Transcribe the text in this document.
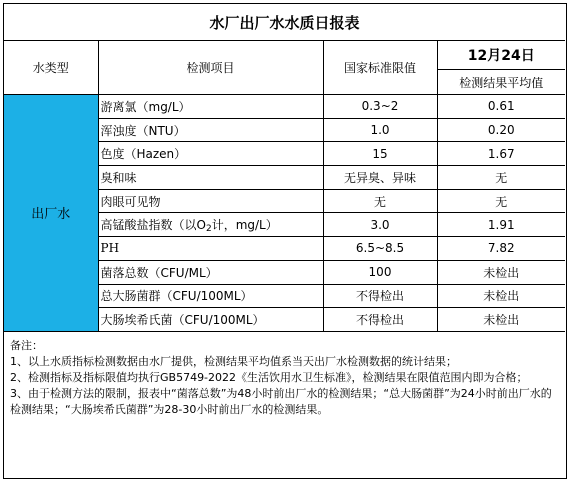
水厂出厂水水质日报表			
水类型	检测项目	国家标准限值	12月24日
			检测结果平均值
出厂水	游离氯（mg/L）	0.3~2	0.61
	浑浊度（NTU）	1.0	0.20
	色度（Hazen）	15	1.67
	臭和味	无异臭、异味	无
	肉眼可见物	无	无
	高锰酸盐指数（以$O_2$计，mg/L）	3.0	1.91
	PH	6.5~8.5	7.82
	菌落总数（CFU/ML）	100	未检出
	总大肠菌群（CFU/100ML）	不得检出	未检出
	大肠埃希氏菌（CFU/100ML）	不得检出	未检出

备注：

1、以上水质指标检测数据由水厂提供，检测结果平均值系当天出厂水检测数据的统计结果；

2、检测指标及指标限值均执行GB5749-2022《生活饮用水卫生标准》，检测结果在限值范围内即为合格；

3、由于检测方法的限制，报表中“菌落总数”为48小时前出厂水的检测结果；“总大肠菌群”为24小时前出厂水的检测结果；“大肠埃希氏菌群”为28-30小时前出厂水的检测结果。			
